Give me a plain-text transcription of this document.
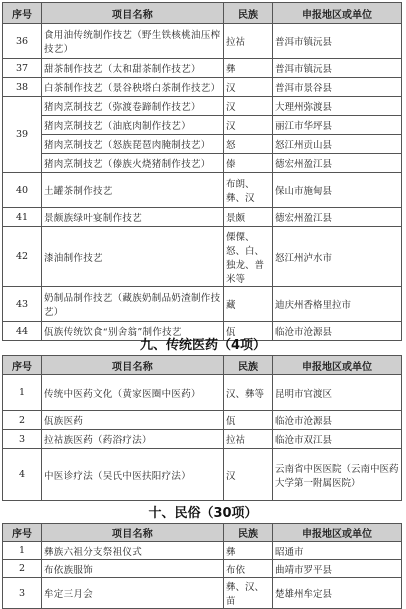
序号	项目名称	民族	申报地区或单位
36	食用油传统制作技艺（野生铁核桃油压榨技艺）	拉祜	普洱市镇沅县
37	甜茶制作技艺（太和甜茶制作技艺）	彝	普洱市镇沅县
38	白茶制作技艺（景谷秧塔白茶制作技艺）	汉	普洱市景谷县
39	猪肉烹制技艺（弥渡卷蹄制作技艺）	汉	大理州弥渡县
	猪肉烹制技艺（油底肉制作技艺）	汉	丽江市华坪县
	猪肉烹制技艺（怒族琵琶肉腌制技艺）	怒	怒江州贡山县
	猪肉烹制技艺（傣族火烧猪制作技艺）	傣	德宏州盈江县
40	土罐茶制作技艺	布朗、彝、汉	保山市施甸县
41	景颇族绿叶宴制作技艺	景颇	德宏州盈江县
42	漆油制作技艺	傈僳、怒、白、独龙、普米等	怒江州泸水市
43	奶制品制作技艺（藏族奶制品奶渣制作技艺）	藏	迪庆州香格里拉市
44	佤族传统饮食“别舍翁”制作技艺	佤	临沧市沧源县
九、传统医药（4项）
序号	项目名称	民族	申报地区或单位
1	传统中医药文化（黄家医圈中医药）	汉、彝等	昆明市官渡区
2	佤族医药	佤	临沧市沧源县
3	拉祜族医药（药浴疗法）	拉祜	临沧市双江县
4	中医诊疗法（吴氏中医扶阳疗法）	汉	云南省中医医院（云南中医药大学第一附属医院）
十、民俗（30项）
序号	项目名称	民族	申报地区或单位
1	彝族六祖分支祭祖仪式	彝	昭通市
2	布依族服饰	布依	曲靖市罗平县
3	牟定三月会	彝、汉、苗	楚雄州牟定县
